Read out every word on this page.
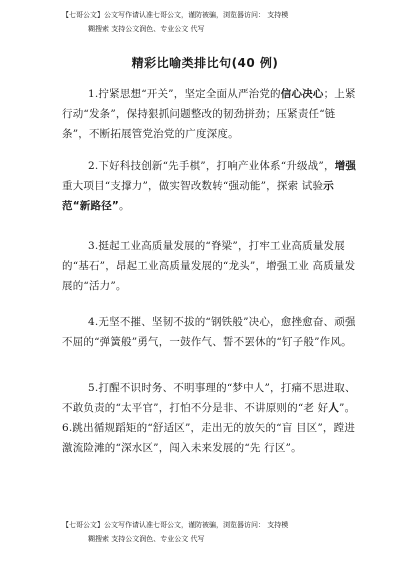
【七哥公文】公文写作请认准七哥公文，谨防被骗，浏览器访问： 支持模
糊搜索 支持公文润色、专业公文 代写
精彩比喻类排比句(40 例)
1.拧紧思想“开关”，坚定全面从严治党的信心决心；上紧行动“发条”，保持狠抓问题整改的韧劲拼劲；压紧责任“链条”，不断拓展管党治党的广度深度。
2.下好科技创新“先手棋”，打响产业体系“升级战”，增强重大项目“支撑力”，做实智改数转“强动能”，探索 试验示范“新路径”。
3.挺起工业高质量发展的“脊梁”，打牢工业高质量发展的“基石”，昂起工业高质量发展的“龙头”，增强工业 高质量发展的“活力”。
4.无坚不摧、坚韧不拔的“钢铁般”决心，愈挫愈奋、顽强不屈的“弹簧般”勇气，一鼓作气、誓不罢休的“钉子般”作风。
5.打醒不识时务、不明事理的“梦中人”，打痛不思进取、不敢负责的“太平官”，打怕不分是非、不讲原则的“老 好人”。6.跳出循规蹈矩的“舒适区”，走出无的放矢的“盲 目区”，蹚进激流险滩的“深水区”，闯入未来发展的“先 行区”。
【七哥公文】公文写作请认准七哥公文，谨防被骗，浏览器访问： 支持模
糊搜索 支持公文润色、专业公文 代写
